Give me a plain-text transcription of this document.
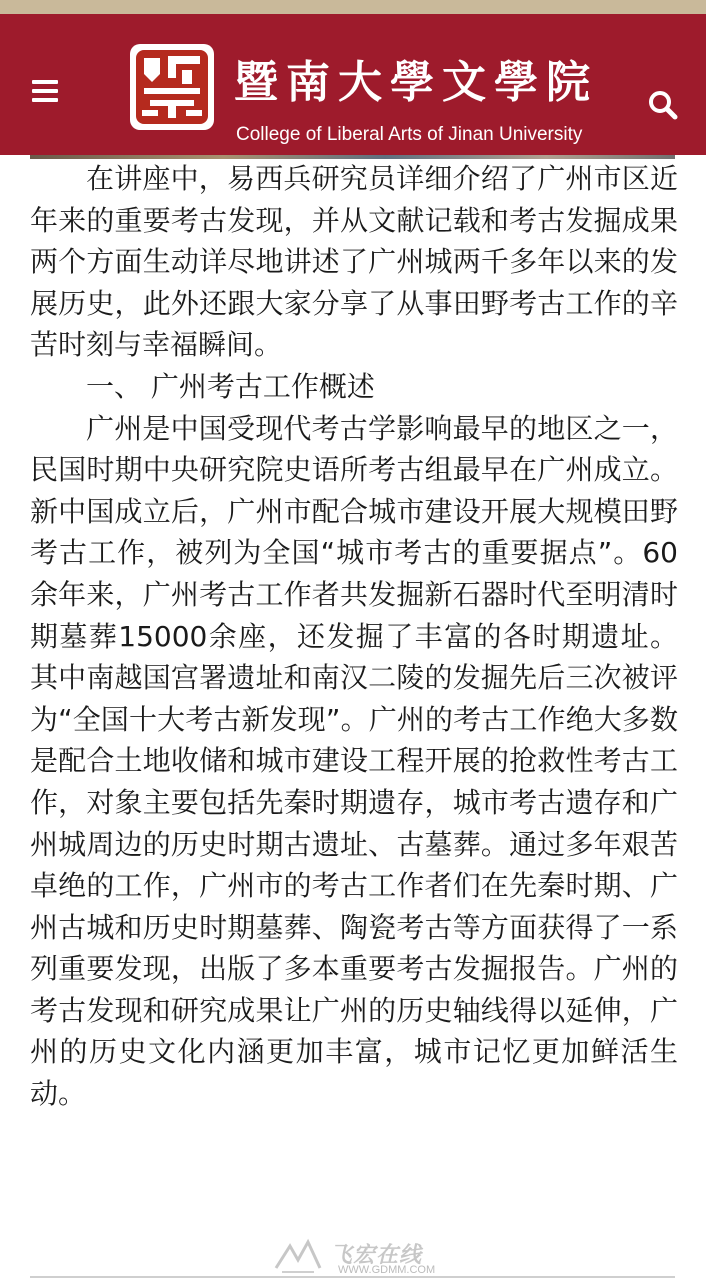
暨南大學文學院
College of Liberal Arts of Jinan University

在讲座中，易西兵研究员详细介绍了广州市区近年来的重要考古发现，并从文献记载和考古发掘成果两个方面生动详尽地讲述了广州城两千多年以来的发展历史，此外还跟大家分享了从事田野考古工作的辛苦时刻与幸福瞬间。

一、 广州考古工作概述

广州是中国受现代考古学影响最早的地区之一，民国时期中央研究院史语所考古组最早在广州成立。新中国成立后，广州市配合城市建设开展大规模田野考古工作，被列为全国“城市考古的重要据点”。60余年来，广州考古工作者共发掘新石器时代至明清时期墓葬15000余座，还发掘了丰富的各时期遗址。其中南越国宫署遗址和南汉二陵的发掘先后三次被评为“全国十大考古新发现”。广州的考古工作绝大多数是配合土地收储和城市建设工程开展的抢救性考古工作，对象主要包括先秦时期遗存，城市考古遗存和广州城周边的历史时期古遗址、古墓葬。通过多年艰苦卓绝的工作，广州市的考古工作者们在先秦时期、广州古城和历史时期墓葬、陶瓷考古等方面获得了一系列重要发现，出版了多本重要考古发掘报告。广州的考古发现和研究成果让广州的历史轴线得以延伸，广州的历史文化内涵更加丰富，城市记忆更加鲜活生动。

飞宏在线
WWW.GDMM.COM
